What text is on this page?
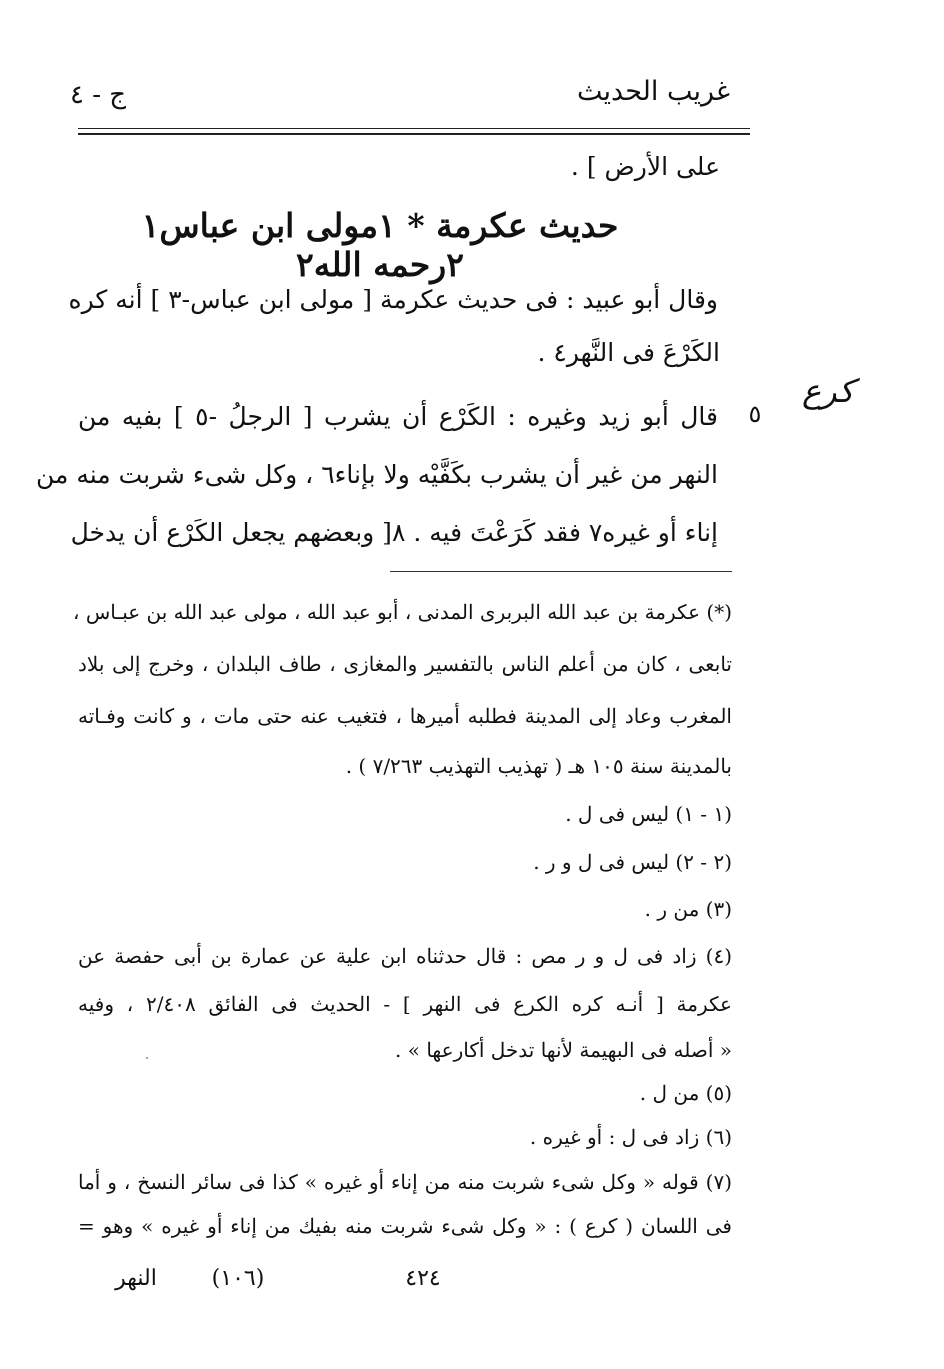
غريب الحديث
ج - ٤
على الأرض ] .
حديث عكرمة * ١مولى ابن عباس١ ٢رحمه الله٢
وقال أبو عبيد : فى حديث عكرمة [ مولى ابن عباس-٣ ] أنه كره
الكَرْعَ فى النَّهر٤ .
كرع
٥
قال أبو زيد وغيره : الكَرْع أن يشرب [ الرجلُ -٥ ] بفيه من
النهر من غير أن يشرب بكَفَّيْه ولا بإناء٦ ، وكل شىء شربت منه من
إناء أو غيره٧ فقد كَرَعْتَ فيه . ٨[ وبعضهم يجعل الكَرْع أن يدخل
(*) عكرمة بن عبد الله البربرى المدنى ، أبو عبد الله ، مولى عبد الله بن عبـاس ،
تابعى ، كان من أعلم الناس بالتفسير والمغازى ، طاف البلدان ، وخرج إلى بلاد
المغرب وعاد إلى المدينة فطلبه أميرها ، فتغيب عنه حتى مات ، و كانت وفـاته
بالمدينة سنة ١٠٥ هـ ( تهذيب التهذيب ٧/٢٦٣ ) .
(١ - ١) ليس فى ل .
(٢ - ٢) ليس فى ل و ر .
(٣) من ر .
(٤) زاد فى ل و ر مص : قال حدثناه ابن علية عن عمارة بن أبى حفصة عن
عكرمة [ أنـه كره الكرع فى النهر ] - الحديث فى الفائق ٢/٤٠٨ ، وفيه
« أصله فى البهيمة لأنها تدخل أكارعها » .
(٥) من ل .
(٦) زاد فى ل : أو غيره .
(٧) قوله « وكل شىء شربت منه من إناء أو غيره » كذا فى سائر النسخ ، و أما
فى اللسان ( كرع ) : « وكل شىء شربت منه بفيك من إناء أو غيره » وهو =
٤٢٤
(١٠٦)
النهر
